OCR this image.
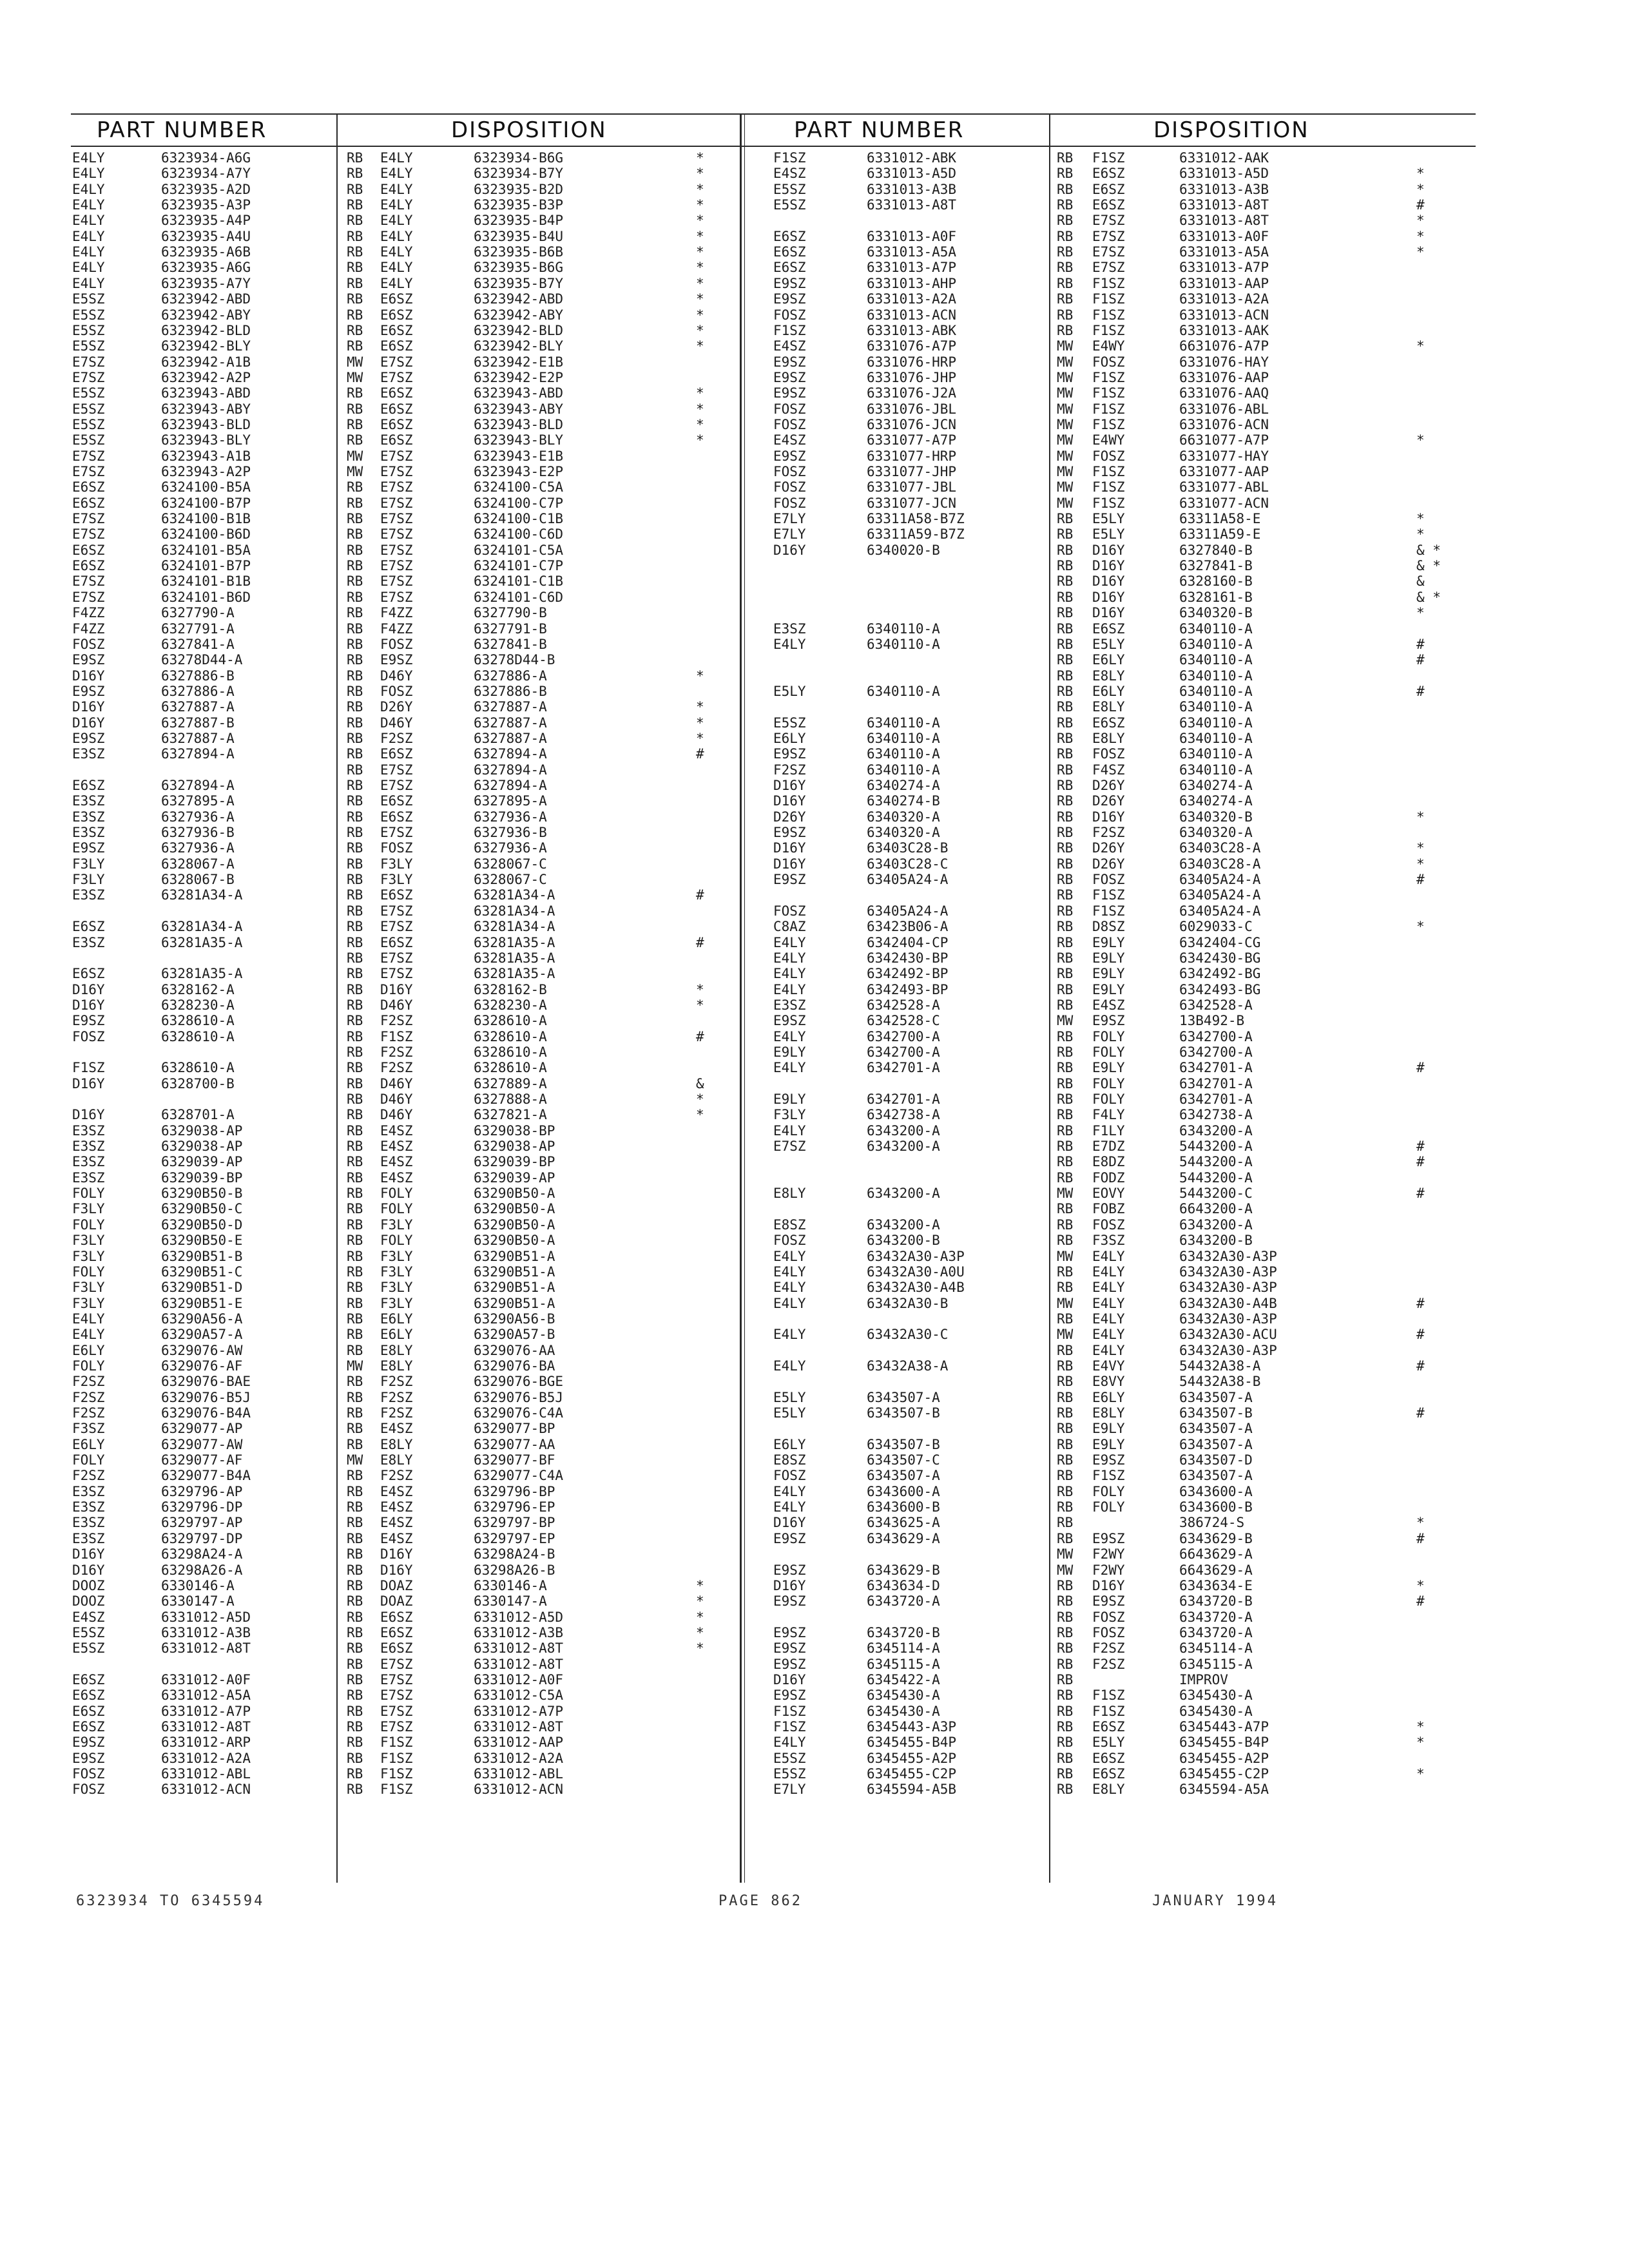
PART NUMBER	DISPOSITION	PART NUMBER	DISPOSITION
E4LY	6323934-A6G	RB E4LY	6323934-B6G	*
E4LY	6323934-A7Y	RB E4LY	6323934-B7Y	*
E4LY	6323935-A2D	RB E4LY	6323935-B2D	*
E4LY	6323935-A3P	RB E4LY	6323935-B3P	*
E4LY	6323935-A4P	RB E4LY	6323935-B4P	*
E4LY	6323935-A4U	RB E4LY	6323935-B4U	*
E4LY	6323935-A6B	RB E4LY	6323935-B6B	*
E4LY	6323935-A6G	RB E4LY	6323935-B6G	*
E4LY	6323935-A7Y	RB E4LY	6323935-B7Y	*
E5SZ	6323942-ABD	RB E6SZ	6323942-ABD	*
E5SZ	6323942-ABY	RB E6SZ	6323942-ABY	*
E5SZ	6323942-BLD	RB E6SZ	6323942-BLD	*
E5SZ	6323942-BLY	RB E6SZ	6323942-BLY	*
E7SZ	6323942-A1B	MW E7SZ	6323942-E1B
E7SZ	6323942-A2P	MW E7SZ	6323942-E2P
E5SZ	6323943-ABD	RB E6SZ	6323943-ABD	*
E5SZ	6323943-ABY	RB E6SZ	6323943-ABY	*
E5SZ	6323943-BLD	RB E6SZ	6323943-BLD	*
E5SZ	6323943-BLY	RB E6SZ	6323943-BLY	*
E7SZ	6323943-A1B	MW E7SZ	6323943-E1B
E7SZ	6323943-A2P	MW E7SZ	6323943-E2P
E6SZ	6324100-B5A	RB E7SZ	6324100-C5A
E6SZ	6324100-B7P	RB E7SZ	6324100-C7P
E7SZ	6324100-B1B	RB E7SZ	6324100-C1B
E7SZ	6324100-B6D	RB E7SZ	6324100-C6D
E6SZ	6324101-B5A	RB E7SZ	6324101-C5A
E6SZ	6324101-B7P	RB E7SZ	6324101-C7P
E7SZ	6324101-B1B	RB E7SZ	6324101-C1B
E7SZ	6324101-B6D	RB E7SZ	6324101-C6D
F4ZZ	6327790-A	RB F4ZZ	6327790-B
F4ZZ	6327791-A	RB F4ZZ	6327791-B
FOSZ	6327841-A	RB FOSZ	6327841-B
E9SZ	63278D44-A	RB E9SZ	63278D44-B
D16Y	6327886-B	RB D46Y	6327886-A	*
E9SZ	6327886-A	RB FOSZ	6327886-B
D16Y	6327887-A	RB D26Y	6327887-A	*
D16Y	6327887-B	RB D46Y	6327887-A	*
E9SZ	6327887-A	RB F2SZ	6327887-A	*
E3SZ	6327894-A	RB E6SZ	6327894-A	#
RB E7SZ	6327894-A
E6SZ	6327894-A	RB E7SZ	6327894-A
E3SZ	6327895-A	RB E6SZ	6327895-A
E3SZ	6327936-A	RB E6SZ	6327936-A
E3SZ	6327936-B	RB E7SZ	6327936-B
E9SZ	6327936-A	RB FOSZ	6327936-A
F3LY	6328067-A	RB F3LY	6328067-C
F3LY	6328067-B	RB F3LY	6328067-C
E3SZ	63281A34-A	RB E6SZ	63281A34-A	#
RB E7SZ	63281A34-A
E6SZ	63281A34-A	RB E7SZ	63281A34-A
E3SZ	63281A35-A	RB E6SZ	63281A35-A	#
RB E7SZ	63281A35-A
E6SZ	63281A35-A	RB E7SZ	63281A35-A
D16Y	6328162-A	RB D16Y	6328162-B	*
D16Y	6328230-A	RB D46Y	6328230-A	*
E9SZ	6328610-A	RB F2SZ	6328610-A
FOSZ	6328610-A	RB F1SZ	6328610-A	#
RB F2SZ	6328610-A
F1SZ	6328610-A	RB F2SZ	6328610-A
D16Y	6328700-B	RB D46Y	6327889-A	&
RB D46Y	6327888-A	*
D16Y	6328701-A	RB D46Y	6327821-A	*
E3SZ	6329038-AP	RB E4SZ	6329038-BP
E3SZ	6329038-AP	RB E4SZ	6329038-AP
E3SZ	6329039-AP	RB E4SZ	6329039-BP
E3SZ	6329039-BP	RB E4SZ	6329039-AP
FOLY	63290B50-B	RB FOLY	63290B50-A
F3LY	63290B50-C	RB FOLY	63290B50-A
FOLY	63290B50-D	RB F3LY	63290B50-A
F3LY	63290B50-E	RB FOLY	63290B50-A
F3LY	63290B51-B	RB F3LY	63290B51-A
FOLY	63290B51-C	RB F3LY	63290B51-A
F3LY	63290B51-D	RB F3LY	63290B51-A
F3LY	63290B51-E	RB F3LY	63290B51-A
E4LY	63290A56-A	RB E6LY	63290A56-B
E4LY	63290A57-A	RB E6LY	63290A57-B
E6LY	6329076-AW	RB E8LY	6329076-AA
FOLY	6329076-AF	MW E8LY	6329076-BA
F2SZ	6329076-BAE	RB F2SZ	6329076-BGE
F2SZ	6329076-B5J	RB F2SZ	6329076-B5J
F2SZ	6329076-B4A	RB F2SZ	6329076-C4A
F3SZ	6329077-AP	RB E4SZ	6329077-BP
E6LY	6329077-AW	RB E8LY	6329077-AA
FOLY	6329077-AF	MW E8LY	6329077-BF
F2SZ	6329077-B4A	RB F2SZ	6329077-C4A
E3SZ	6329796-AP	RB E4SZ	6329796-BP
E3SZ	6329796-DP	RB E4SZ	6329796-EP
E3SZ	6329797-AP	RB E4SZ	6329797-BP
E3SZ	6329797-DP	RB E4SZ	6329797-EP
D16Y	63298A24-A	RB D16Y	63298A24-B
D16Y	63298A26-A	RB D16Y	63298A26-B
DOOZ	6330146-A	RB DOAZ	6330146-A	*
DOOZ	6330147-A	RB DOAZ	6330147-A	*
E4SZ	6331012-A5D	RB E6SZ	6331012-A5D	*
E5SZ	6331012-A3B	RB E6SZ	6331012-A3B	*
E5SZ	6331012-A8T	RB E6SZ	6331012-A8T	*
RB E7SZ	6331012-A8T
E6SZ	6331012-A0F	RB E7SZ	6331012-A0F
E6SZ	6331012-A5A	RB E7SZ	6331012-C5A
E6SZ	6331012-A7P	RB E7SZ	6331012-A7P
E6SZ	6331012-A8T	RB E7SZ	6331012-A8T
E9SZ	6331012-ARP	RB F1SZ	6331012-AAP
E9SZ	6331012-A2A	RB F1SZ	6331012-A2A
FOSZ	6331012-ABL	RB F1SZ	6331012-ABL
FOSZ	6331012-ACN	RB F1SZ	6331012-ACN
F1SZ	6331012-ABK	RB F1SZ	6331012-AAK
E4SZ	6331013-A5D	RB E6SZ	6331013-A5D	*
E5SZ	6331013-A3B	RB E6SZ	6331013-A3B	*
E5SZ	6331013-A8T	RB E6SZ	6331013-A8T	#
RB E7SZ	6331013-A8T	*
E6SZ	6331013-A0F	RB E7SZ	6331013-A0F	*
E6SZ	6331013-A5A	RB E7SZ	6331013-A5A	*
E6SZ	6331013-A7P	RB E7SZ	6331013-A7P
E9SZ	6331013-AHP	RB F1SZ	6331013-AAP
E9SZ	6331013-A2A	RB F1SZ	6331013-A2A
FOSZ	6331013-ACN	RB F1SZ	6331013-ACN
F1SZ	6331013-ABK	RB F1SZ	6331013-AAK
E4SZ	6331076-A7P	MW E4WY	6631076-A7P	*
E9SZ	6331076-HRP	MW FOSZ	6331076-HAY
E9SZ	6331076-JHP	MW F1SZ	6331076-AAP
E9SZ	6331076-J2A	MW F1SZ	6331076-AAQ
FOSZ	6331076-JBL	MW F1SZ	6331076-ABL
FOSZ	6331076-JCN	MW F1SZ	6331076-ACN
E4SZ	6331077-A7P	MW E4WY	6631077-A7P	*
E9SZ	6331077-HRP	MW FOSZ	6331077-HAY
FOSZ	6331077-JHP	MW F1SZ	6331077-AAP
FOSZ	6331077-JBL	MW F1SZ	6331077-ABL
FOSZ	6331077-JCN	MW F1SZ	6331077-ACN
E7LY	63311A58-B7Z	RB E5LY	63311A58-E	*
E7LY	63311A59-B7Z	RB E5LY	63311A59-E	*
D16Y	6340020-B	RB D16Y	6327840-B	& *
RB D16Y	6327841-B	& *
RB D16Y	6328160-B	&
RB D16Y	6328161-B	& *
RB D16Y	6340320-B	*
E3SZ	6340110-A	RB E6SZ	6340110-A
E4LY	6340110-A	RB E5LY	6340110-A	#
RB E6LY	6340110-A	#
RB E8LY	6340110-A
E5LY	6340110-A	RB E6LY	6340110-A	#
RB E8LY	6340110-A
E5SZ	6340110-A	RB E6SZ	6340110-A
E6LY	6340110-A	RB E8LY	6340110-A
E9SZ	6340110-A	RB FOSZ	6340110-A
F2SZ	6340110-A	RB F4SZ	6340110-A
D16Y	6340274-A	RB D26Y	6340274-A
D16Y	6340274-B	RB D26Y	6340274-A
D26Y	6340320-A	RB D16Y	6340320-B	*
E9SZ	6340320-A	RB F2SZ	6340320-A
D16Y	63403C28-B	RB D26Y	63403C28-A	*
D16Y	63403C28-C	RB D26Y	63403C28-A	*
E9SZ	63405A24-A	RB FOSZ	63405A24-A	#
RB F1SZ	63405A24-A
FOSZ	63405A24-A	RB F1SZ	63405A24-A
C8AZ	63423B06-A	RB D8SZ	6029033-C	*
E4LY	6342404-CP	RB E9LY	6342404-CG
E4LY	6342430-BP	RB E9LY	6342430-BG
E4LY	6342492-BP	RB E9LY	6342492-BG
E4LY	6342493-BP	RB E9LY	6342493-BG
E3SZ	6342528-A	RB E4SZ	6342528-A
E9SZ	6342528-C	MW E9SZ	13B492-B
E4LY	6342700-A	RB FOLY	6342700-A
E9LY	6342700-A	RB FOLY	6342700-A
E4LY	6342701-A	RB E9LY	6342701-A	#
RB FOLY	6342701-A
E9LY	6342701-A	RB FOLY	6342701-A
F3LY	6342738-A	RB F4LY	6342738-A
E4LY	6343200-A	RB F1LY	6343200-A
E7SZ	6343200-A	RB E7DZ	5443200-A	#
RB E8DZ	5443200-A	#
RB FODZ	5443200-A
E8LY	6343200-A	MW EOVY	5443200-C	#
RB FOBZ	6643200-A
E8SZ	6343200-A	RB FOSZ	6343200-A
FOSZ	6343200-B	RB F3SZ	6343200-B
E4LY	63432A30-A3P	MW E4LY	63432A30-A3P
E4LY	63432A30-A0U	RB E4LY	63432A30-A3P
E4LY	63432A30-A4B	RB E4LY	63432A30-A3P
E4LY	63432A30-B	MW E4LY	63432A30-A4B	#
RB E4LY	63432A30-A3P
E4LY	63432A30-C	MW E4LY	63432A30-ACU	#
RB E4LY	63432A30-A3P
E4LY	63432A38-A	RB E4VY	54432A38-A	#
RB E8VY	54432A38-B
E5LY	6343507-A	RB E6LY	6343507-A
E5LY	6343507-B	RB E8LY	6343507-B	#
RB E9LY	6343507-A
E6LY	6343507-B	RB E9LY	6343507-A
E8SZ	6343507-C	RB E9SZ	6343507-D
FOSZ	6343507-A	RB F1SZ	6343507-A
E4LY	6343600-A	RB FOLY	6343600-A
E4LY	6343600-B	RB FOLY	6343600-B
D16Y	6343625-A	RB	386724-S	*
E9SZ	6343629-A	RB E9SZ	6343629-B	#
MW F2WY	6643629-A
E9SZ	6343629-B	MW F2WY	6643629-A
D16Y	6343634-D	RB D16Y	6343634-E	*
E9SZ	6343720-A	RB E9SZ	6343720-B	#
RB FOSZ	6343720-A
E9SZ	6343720-B	RB FOSZ	6343720-A
E9SZ	6345114-A	RB F2SZ	6345114-A
E9SZ	6345115-A	RB F2SZ	6345115-A
D16Y	6345422-A	RB	IMPROV
E9SZ	6345430-A	RB F1SZ	6345430-A
F1SZ	6345430-A	RB F1SZ	6345430-A
F1SZ	6345443-A3P	RB E6SZ	6345443-A7P	*
E4LY	6345455-B4P	RB E5LY	6345455-B4P	*
E5SZ	6345455-A2P	RB E6SZ	6345455-A2P
E5SZ	6345455-C2P	RB E6SZ	6345455-C2P	*
E7LY	6345594-A5B	RB E8LY	6345594-A5A
6323934 TO 6345594	PAGE 862	JANUARY 1994
